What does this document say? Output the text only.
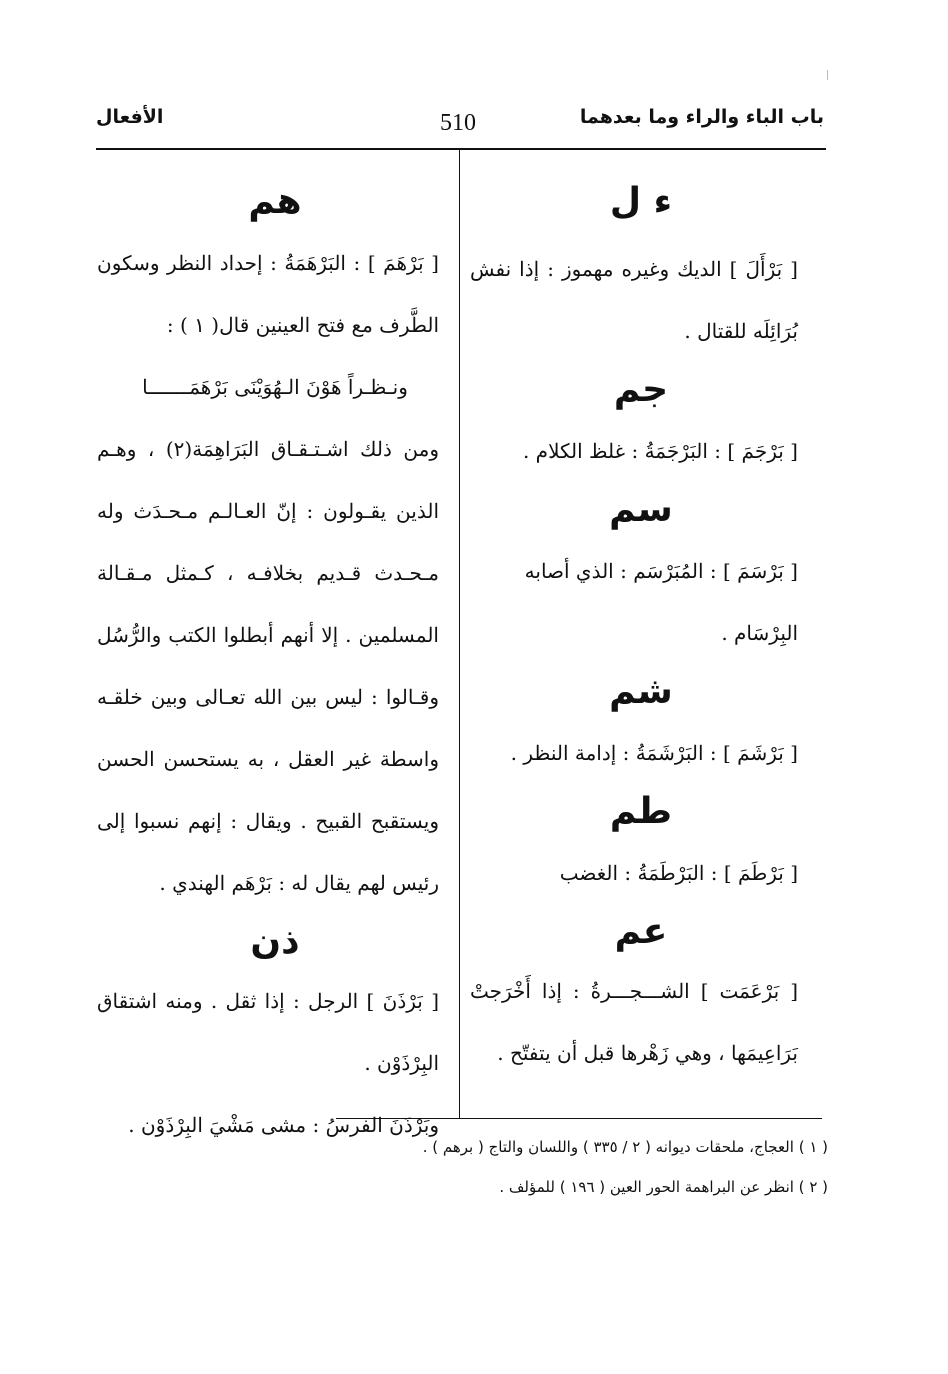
باب الباء والراء وما بعدهما
510
الأفعال
ء ل

[ بَرْأَلَ ] الديك وغيره مهموز : إذا نفش بُرَائِلَه للقتال .

جم

[ بَرْجَمَ ] : البَرْجَمَةُ : غلظ الكلام .

سم

[ بَرْسَمَ ] : المُبَرْسَم : الذي أصابه البِرْسَام .

شم

[ بَرْشَمَ ] : البَرْشَمَةُ : إدامة النظر .

طم

[ بَرْطَمَ ] : البَرْطَمَةُ : الغضب

عم

[ بَرْعَمَت ] الشـــجـــرةُ : إذا أَخْرَجتْ بَرَاعِيمَها ، وهي زَهْرها قبل أن يتفتّح .

هم

[ بَرْهَمَ ] : البَرْهَمَةُ : إحداد النظر وسكون الطَّرف مع فتح العينين قال( ١ ) :

ونـظـراً هَوْنَ الـهُوَيْنَى بَرْهَمَـــــــا

ومن ذلك اشـتـقـاق البَرَاهِمَة(٢) ، وهـم الذين يقـولون : إنّ العـالـم مـحـدَث وله مـحـدث قـديم بخلافـه ، كـمثل مـقـالة المسلمين . إلا أنهم أبطلوا الكتب والرُّسُل وقـالوا : ليس بين الله تعـالى وبين خلقـه واسطة غير العقل ، به يستحسن الحسن ويستقبح القبيح . ويقال : إنهم نسبوا إلى رئيس لهم يقال له : بَرْهَم الهندي .

ذن

[ بَرْذَنَ ] الرجل : إذا ثقل . ومنه اشتقاق البِرْذَوْن .

وبَرْذَنَ الفرسُ : مشى مَشْيَ البِرْذَوْن .

( ١ ) العجاج، ملحقات ديوانه ( ٢ / ٣٣٥ ) واللسان والتاج ( برهم ) .
( ٢ ) انظر عن البراهمة الحور العين ( ١٩٦ ) للمؤلف .
